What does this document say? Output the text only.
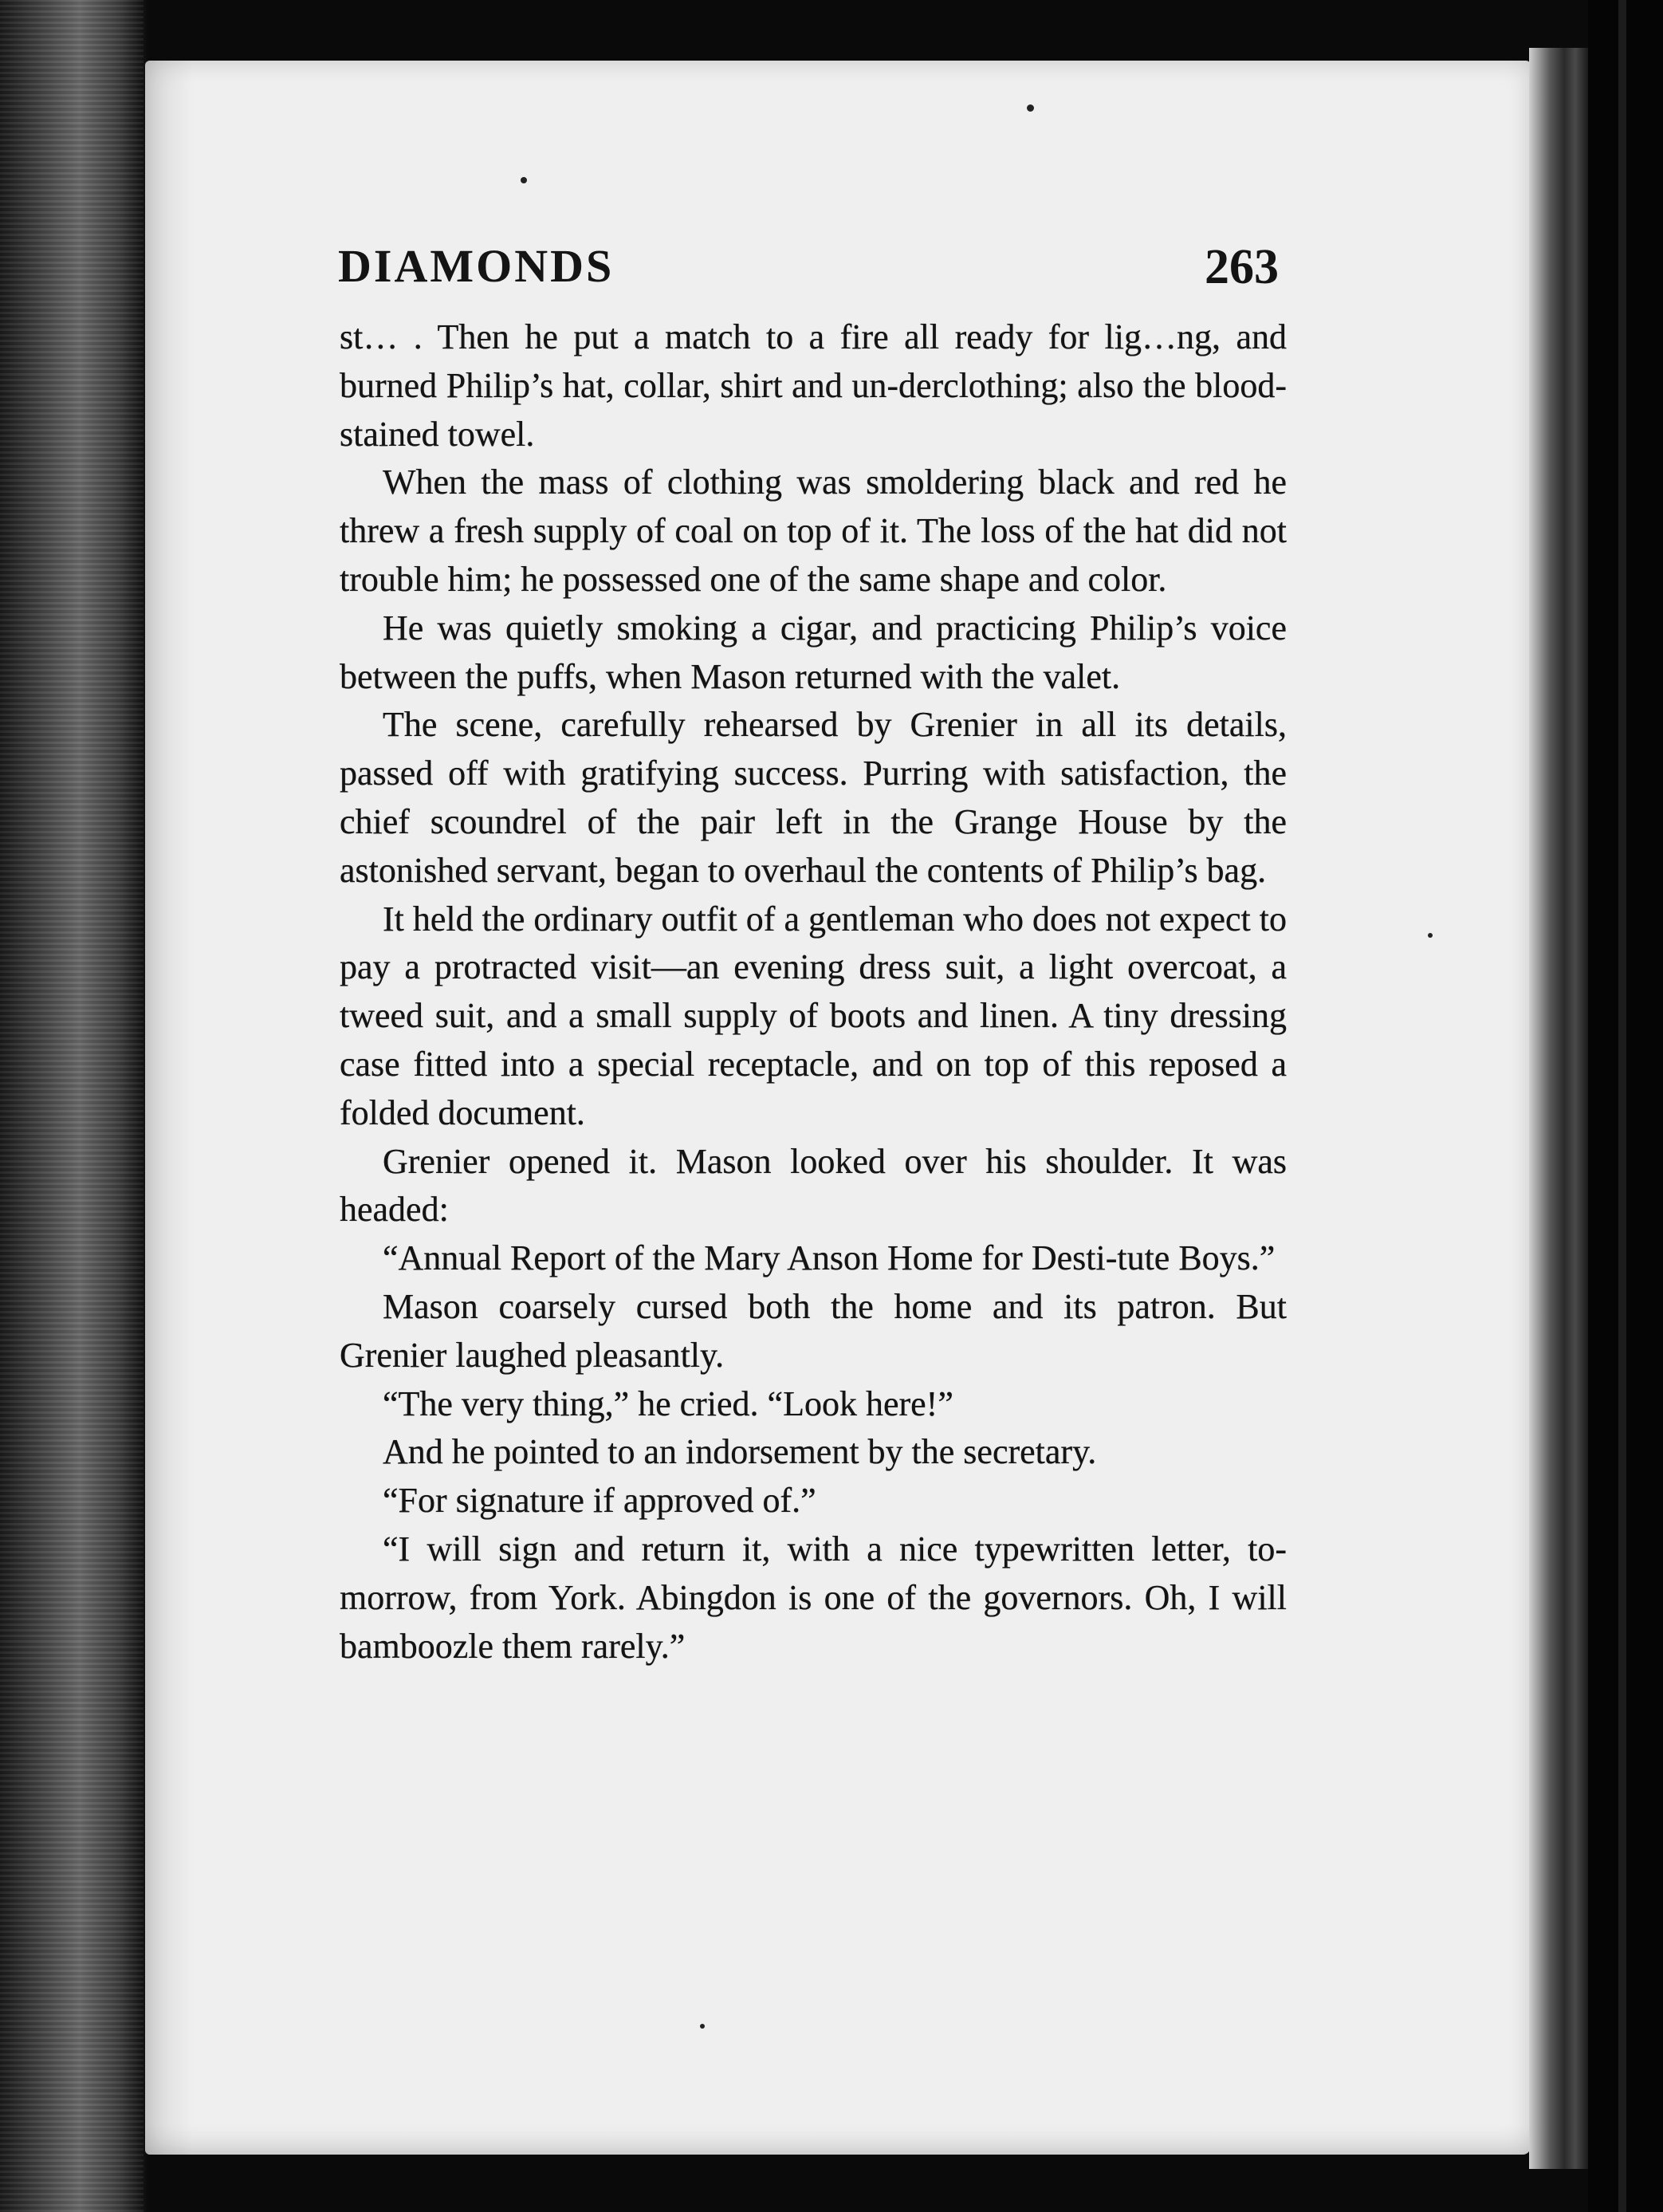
DIAMONDS	263

st… . Then he put a match to a fire all ready for lig…ng, and burned Philip’s hat, collar, shirt and un-derclothing; also the blood-stained towel.

When the mass of clothing was smoldering black and red he threw a fresh supply of coal on top of it. The loss of the hat did not trouble him; he possessed one of the same shape and color.

He was quietly smoking a cigar, and practicing Philip’s voice between the puffs, when Mason returned with the valet.

The scene, carefully rehearsed by Grenier in all its details, passed off with gratifying success. Purring with satisfaction, the chief scoundrel of the pair left in the Grange House by the astonished servant, began to overhaul the contents of Philip’s bag.

It held the ordinary outfit of a gentleman who does not expect to pay a protracted visit—an evening dress suit, a light overcoat, a tweed suit, and a small supply of boots and linen. A tiny dressing case fitted into a special receptacle, and on top of this reposed a folded document.

Grenier opened it. Mason looked over his shoulder. It was headed:

“Annual Report of the Mary Anson Home for Desti-tute Boys.”

Mason coarsely cursed both the home and its patron. But Grenier laughed pleasantly.

“The very thing,” he cried. “Look here!”

And he pointed to an indorsement by the secretary.

“For signature if approved of.”

“I will sign and return it, with a nice typewritten letter, to-morrow, from York. Abingdon is one of the governors. Oh, I will bamboozle them rarely.”
